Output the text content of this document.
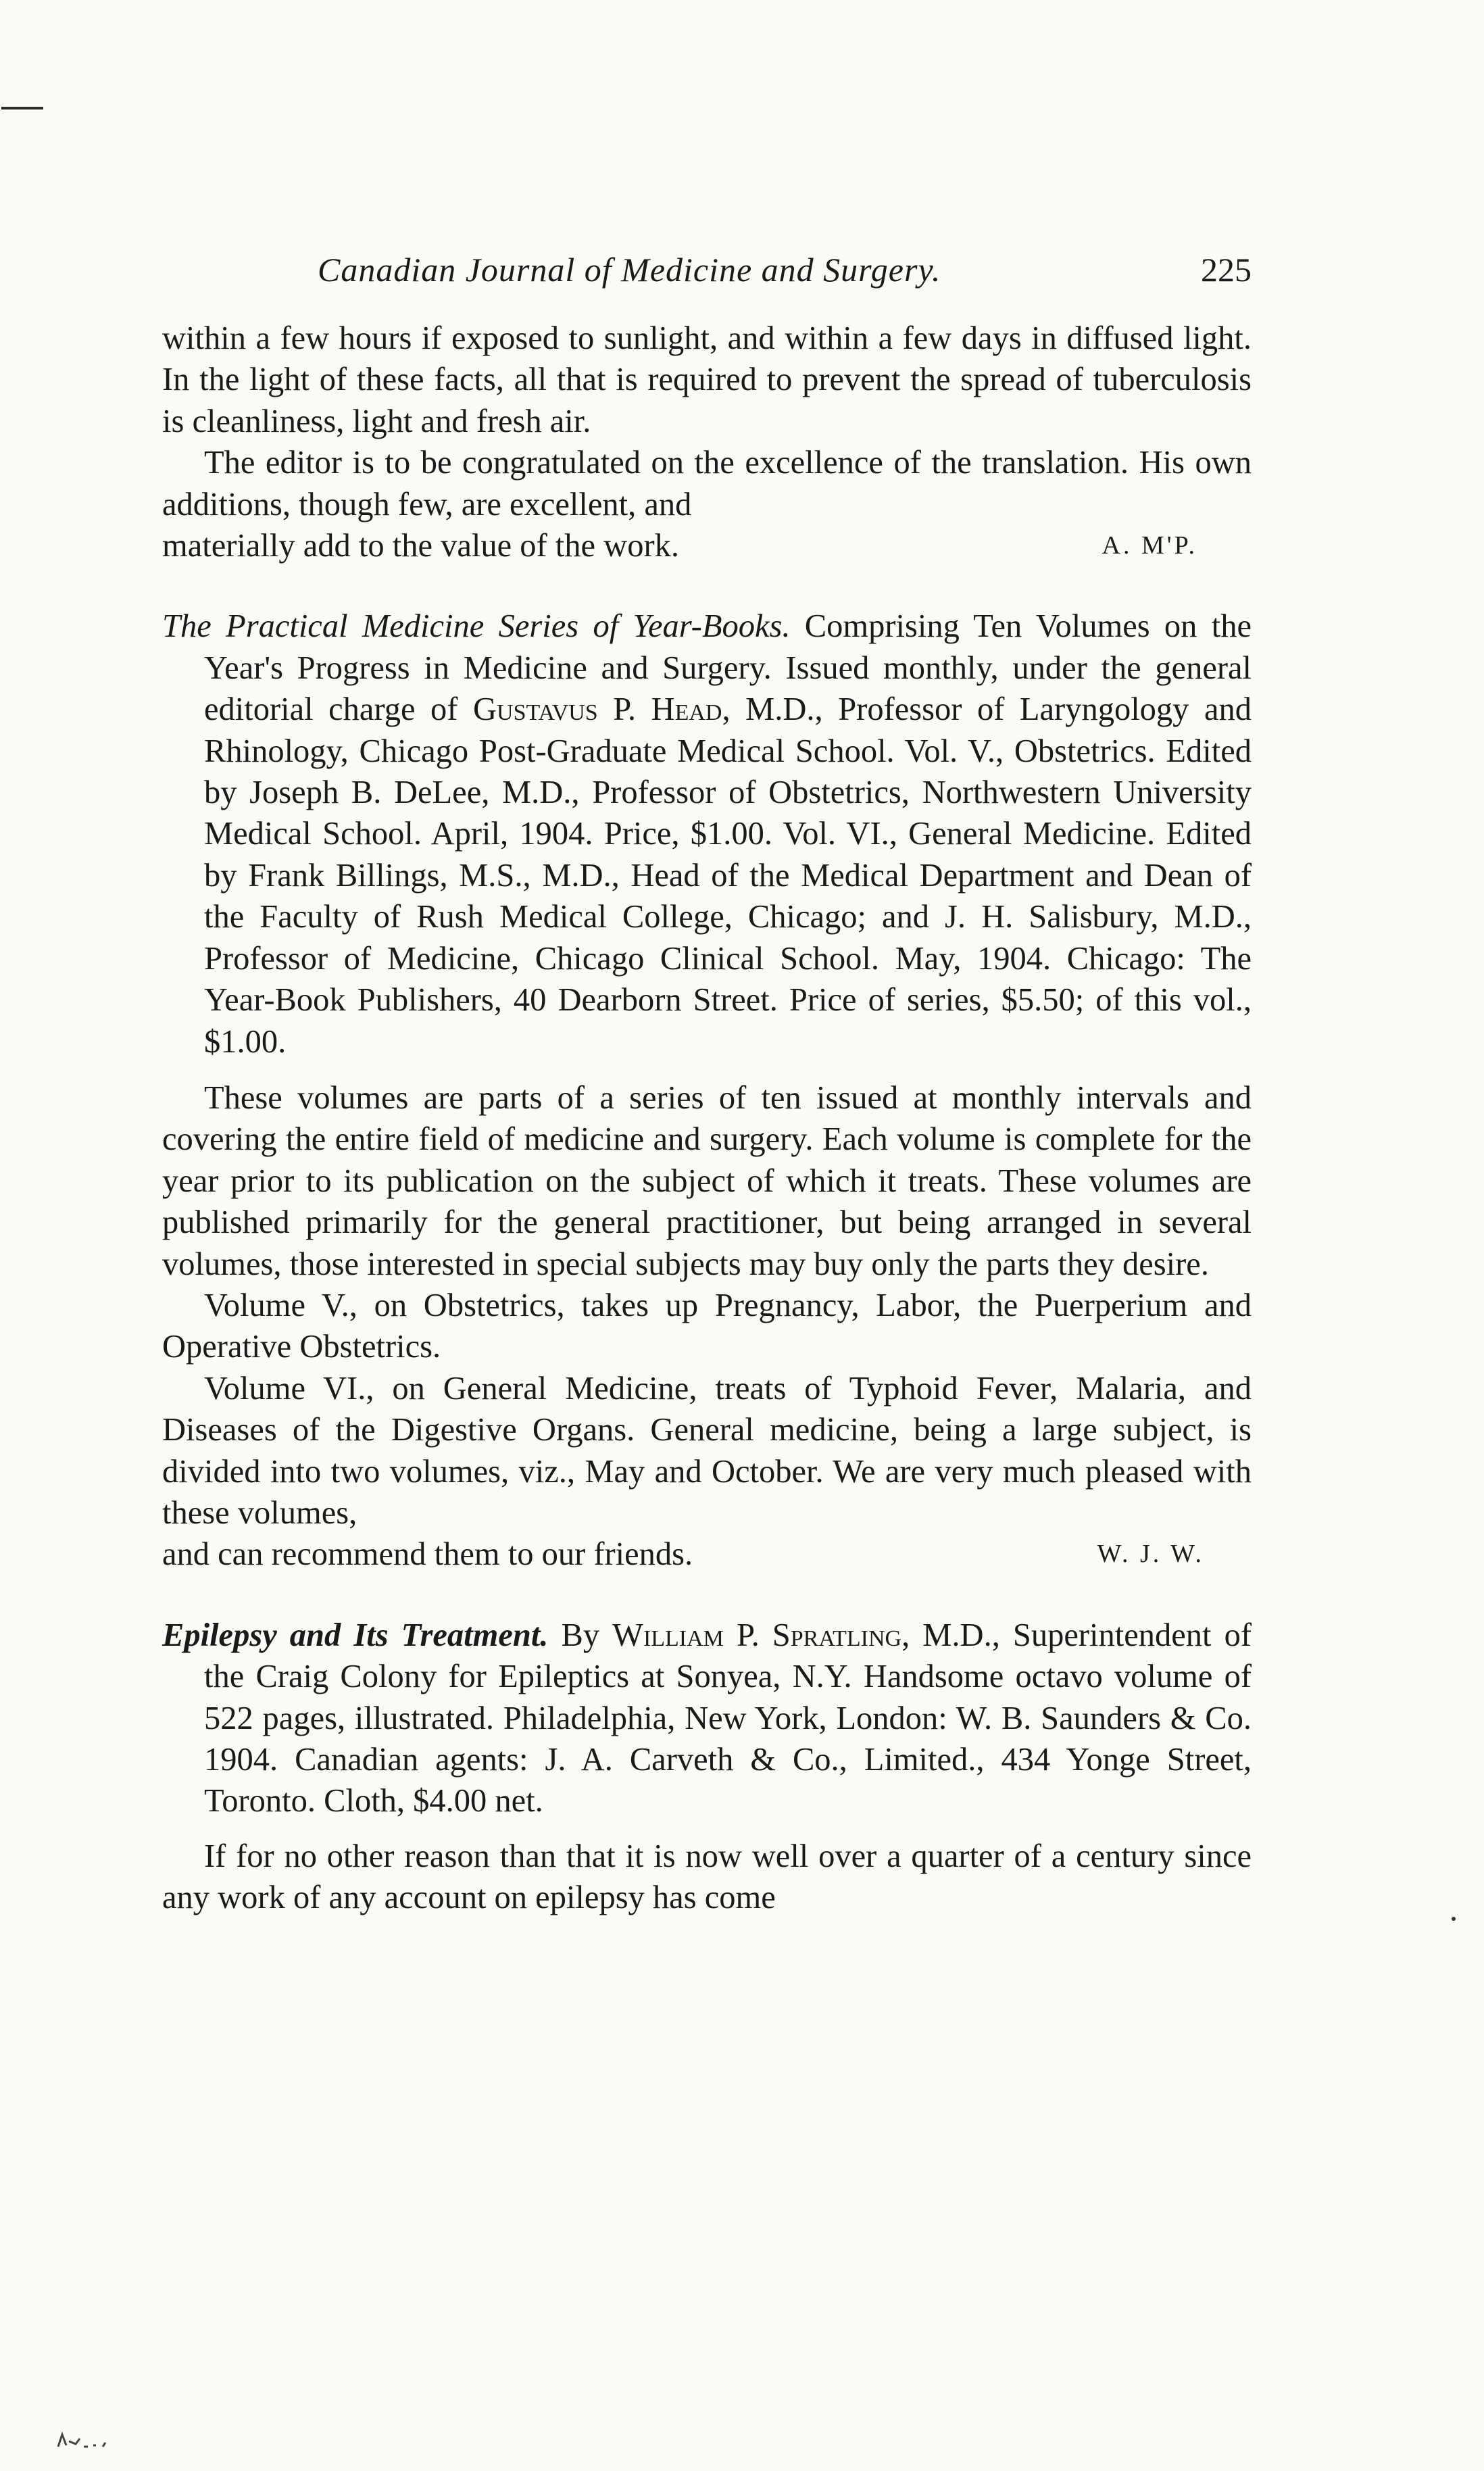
Canadian Journal of Medicine and Surgery.	225

within a few hours if exposed to sunlight, and within a few days in diffused light. In the light of these facts, all that is required to prevent the spread of tuberculosis is cleanliness, light and fresh air.

The editor is to be congratulated on the excellence of the translation. His own additions, though few, are excellent, and

materially add to the value of the work.	A. M'P.

The Practical Medicine Series of Year-Books. Comprising Ten Volumes on the Year's Progress in Medicine and Surgery. Issued monthly, under the general editorial charge of Gustavus P. Head, M.D., Professor of Laryngology and Rhinology, Chicago Post-Graduate Medical School. Vol. V., Obstetrics. Edited by Joseph B. DeLee, M.D., Professor of Obstetrics, Northwestern University Medical School. April, 1904. Price, $1.00. Vol. VI., General Medicine. Edited by Frank Billings, M.S., M.D., Head of the Medical Department and Dean of the Faculty of Rush Medical College, Chicago; and J. H. Salisbury, M.D., Professor of Medicine, Chicago Clinical School. May, 1904. Chicago: The Year-Book Publishers, 40 Dearborn Street. Price of series, $5.50; of this vol., $1.00.

These volumes are parts of a series of ten issued at monthly intervals and covering the entire field of medicine and surgery. Each volume is complete for the year prior to its publication on the subject of which it treats. These volumes are published primarily for the general practitioner, but being arranged in several volumes, those interested in special subjects may buy only the parts they desire.

Volume V., on Obstetrics, takes up Pregnancy, Labor, the Puerperium and Operative Obstetrics.

Volume VI., on General Medicine, treats of Typhoid Fever, Malaria, and Diseases of the Digestive Organs. General medicine, being a large subject, is divided into two volumes, viz., May and October. We are very much pleased with these volumes,

and can recommend them to our friends.	W. J. W.

Epilepsy and Its Treatment. By William P. Spratling, M.D., Superintendent of the Craig Colony for Epileptics at Sonyea, N.Y. Handsome octavo volume of 522 pages, illustrated. Philadelphia, New York, London: W. B. Saunders & Co. 1904. Canadian agents: J. A. Carveth & Co., Limited., 434 Yonge Street, Toronto. Cloth, $4.00 net.

If for no other reason than that it is now well over a quarter of a century since any work of any account on epilepsy has come
